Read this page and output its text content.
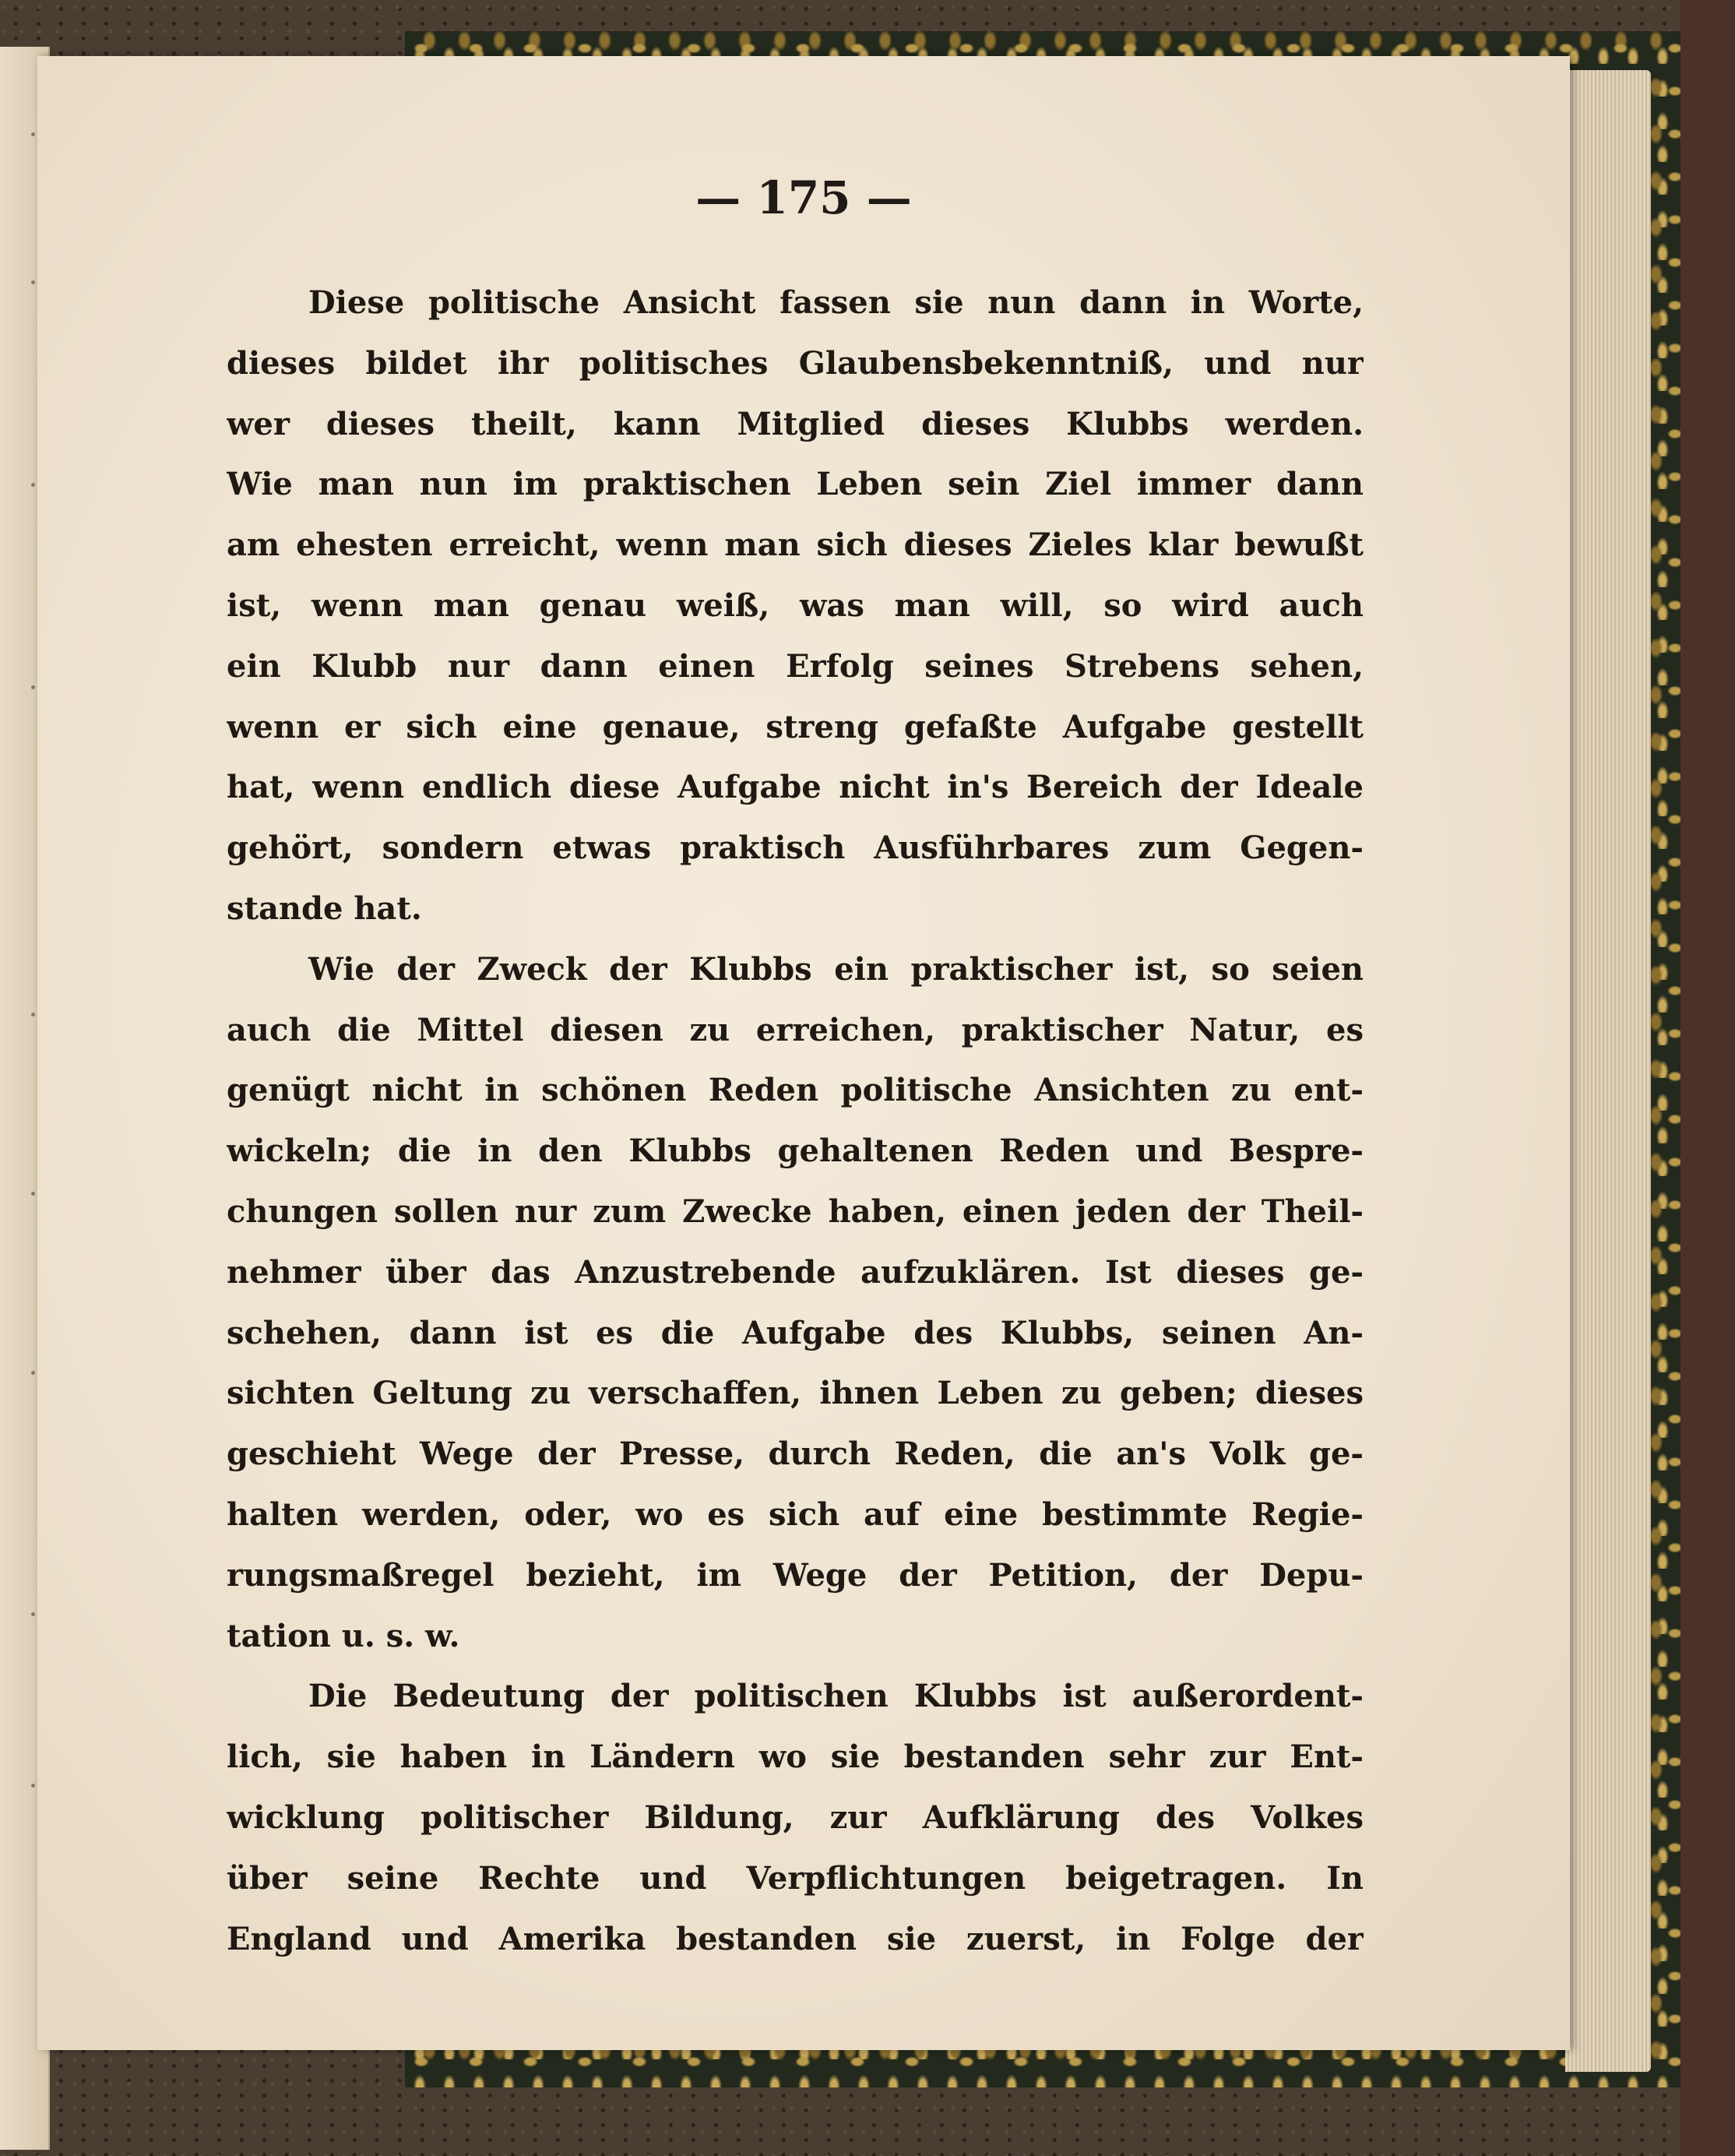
— 175 —
Diese politische Ansicht fassen sie nun dann in Worte,
dieses bildet ihr politisches Glaubensbekenntniß, und nur
wer dieses theilt, kann Mitglied dieses Klubbs werden.
Wie man nun im praktischen Leben sein Ziel immer dann
am ehesten erreicht, wenn man sich dieses Zieles klar bewußt
ist, wenn man genau weiß, was man will, so wird auch
ein Klubb nur dann einen Erfolg seines Strebens sehen,
wenn er sich eine genaue, streng gefaßte Aufgabe gestellt
hat, wenn endlich diese Aufgabe nicht in's Bereich der Ideale
gehört, sondern etwas praktisch Ausführbares zum Gegen-
stande hat.
Wie der Zweck der Klubbs ein praktischer ist, so seien
auch die Mittel diesen zu erreichen, praktischer Natur, es
genügt nicht in schönen Reden politische Ansichten zu ent-
wickeln; die in den Klubbs gehaltenen Reden und Bespre-
chungen sollen nur zum Zwecke haben, einen jeden der Theil-
nehmer über das Anzustrebende aufzuklären. Ist dieses ge-
schehen, dann ist es die Aufgabe des Klubbs, seinen An-
sichten Geltung zu verschaffen, ihnen Leben zu geben; dieses
geschieht Wege der Presse, durch Reden, die an's Volk ge-
halten werden, oder, wo es sich auf eine bestimmte Regie-
rungsmaßregel bezieht, im Wege der Petition, der Depu-
tation u. s. w.
Die Bedeutung der politischen Klubbs ist außerordent-
lich, sie haben in Ländern wo sie bestanden sehr zur Ent-
wicklung politischer Bildung, zur Aufklärung des Volkes
über seine Rechte und Verpflichtungen beigetragen. In
England und Amerika bestanden sie zuerst, in Folge der
